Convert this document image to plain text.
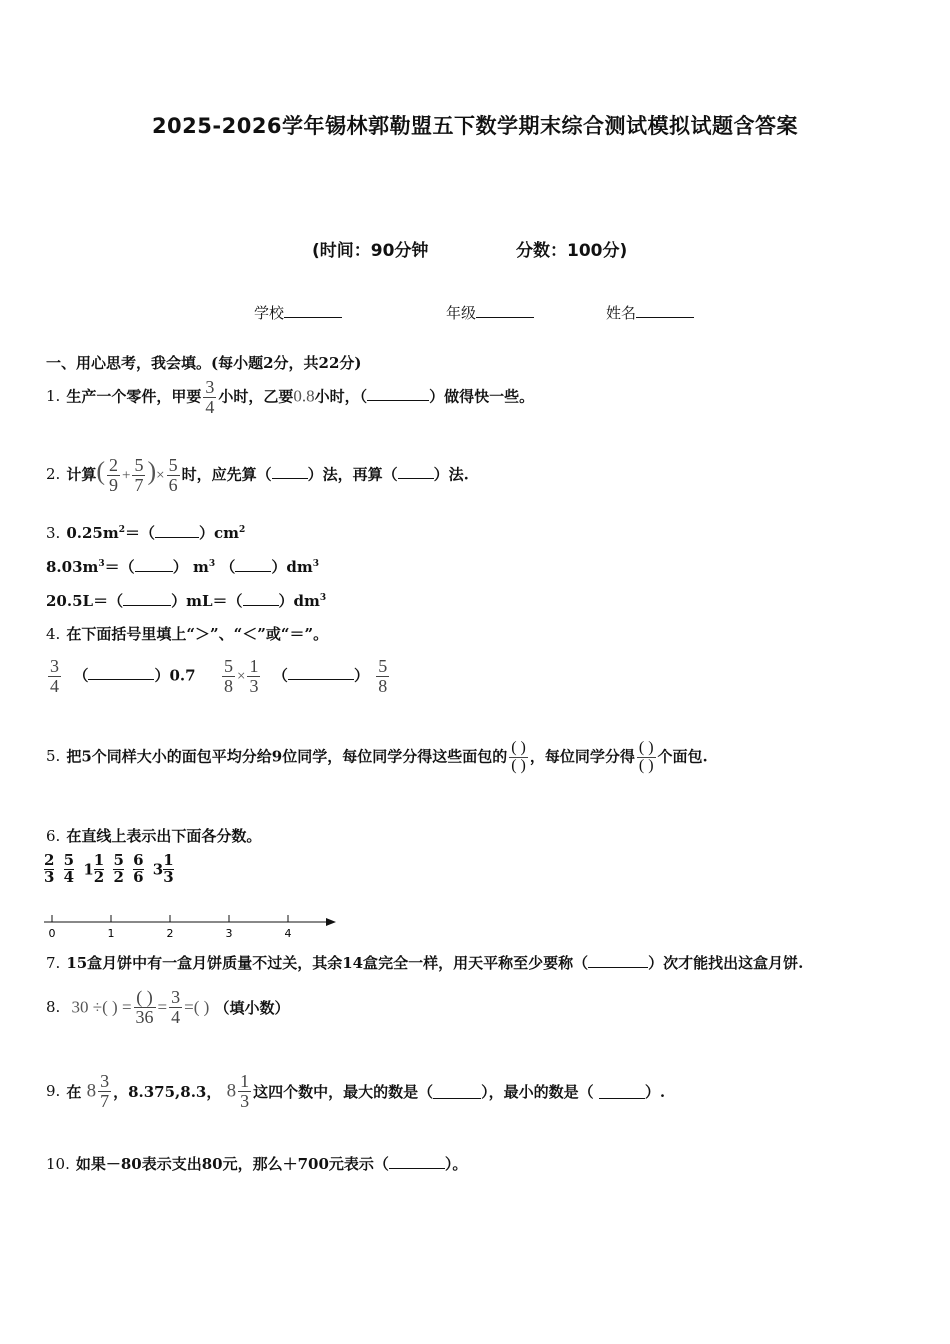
2025-2026学年锡林郭勒盟五下数学期末综合测试模拟试题含答案
(时间：90分钟	分数：100分)
学校	年级	姓名
一、用心思考，我会填。(每小题2分，共22分)
1. 生产一个零件，甲要 $\frac{3}{4}$ 小时，乙要0.8小时，（	）做得快一些。
2. 计算( $\frac{2}{9} + \frac{5}{7}$ )× $\frac{5}{6}$ 时，应先算（ ）法，再算（ ）法.
3. $0.25m^2=$（	）$cm^2$
$8.03m^3=$（	） $m^3$ （ ）$dm^3$
20.5L＝（	）mL＝（ ）$dm^3$
4. 在下面括号里填上“＞”、“＜”或“＝”。
$\frac{3}{4}$ （	）$0.7 \frac{5}{8} \times \frac{1}{3}$ （	） $\frac{5}{8}$
5. 把5个同样大小的面包平均分给9位同学，每位同学分得这些面包的 $\frac{( )}{( )}$ ，每位同学分得 $\frac{( )}{( )}$ 个面包.
6. 在直线上表示出下面各分数。
$\frac{2}{3}$
$\frac{5}{4} 1 \frac{1}{2}$
$\frac{5}{2}$
$\frac{6}{6} 3 \frac{1}{3}$
0	1	2	3	4
7. 15盒月饼中有一盒月饼质量不过关，其余14盒完全一样，用天平称至少要称（	）次才能找出这盒月饼.
8. 30 ÷( ) = $\frac{( )}{36} = \frac{3}{4}$ =( ) （填小数）
9. 在 $8 \frac{3}{7}$ ，8.375,8.3， $8 \frac{1}{3}$ 这四个数中，最大的数是（	），最小的数是（	）.
10. 如果－80表示支出80元，那么＋700元表示（	）。
